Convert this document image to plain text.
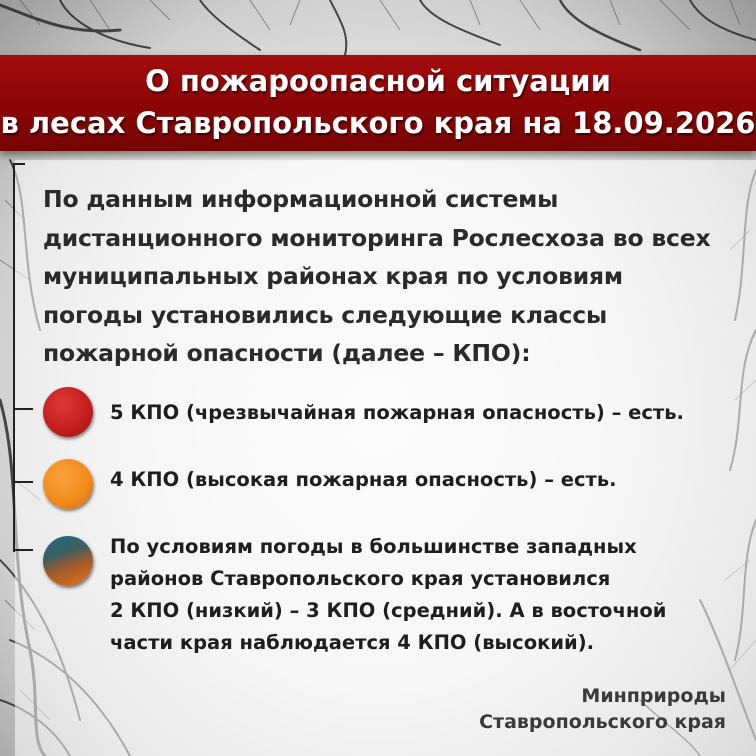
О пожароопасной ситуации
в лесах Ставропольского края на 18.09.2026
По данным информационной системы
дистанционного мониторинга Рослесхоза во всех
муниципальных районах края по условиям
погоды установились следующие классы
пожарной опасности (далее – КПО):
5 КПО (чрезвычайная пожарная опасность) – есть.
4 КПО (высокая пожарная опасность) – есть.
По условиям погоды в большинстве западных
районов Ставропольского края установился
2 КПО (низкий) – 3 КПО (средний). А в восточной
части края наблюдается 4 КПО (высокий).
Минприроды
Ставропольского края
